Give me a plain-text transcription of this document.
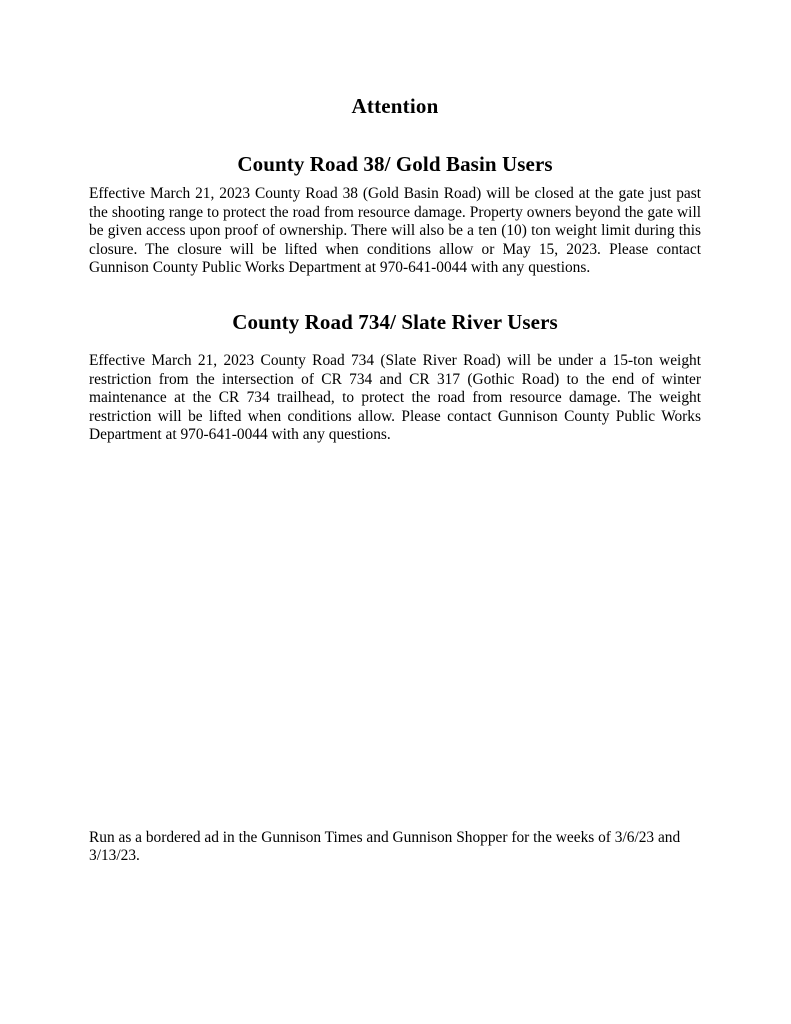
Attention
County Road 38/ Gold Basin Users

Effective March 21, 2023 County Road 38 (Gold Basin Road) will be closed at the gate just past the shooting range to protect the road from resource damage. Property owners beyond the gate will be given access upon proof of ownership. There will also be a ten (10) ton weight limit during this closure. The closure will be lifted when conditions allow or May 15, 2023. Please contact Gunnison County Public Works Department at 970-641-0044 with any questions.

County Road 734/ Slate River Users

Effective March 21, 2023 County Road 734 (Slate River Road) will be under a 15-ton weight restriction from the intersection of CR 734 and CR 317 (Gothic Road) to the end of winter maintenance at the CR 734 trailhead, to protect the road from resource damage. The weight restriction will be lifted when conditions allow. Please contact Gunnison County Public Works Department at 970-641-0044 with any questions.

Run as a bordered ad in the Gunnison Times and Gunnison Shopper for the weeks of 3/6/23 and 3/13/23.
